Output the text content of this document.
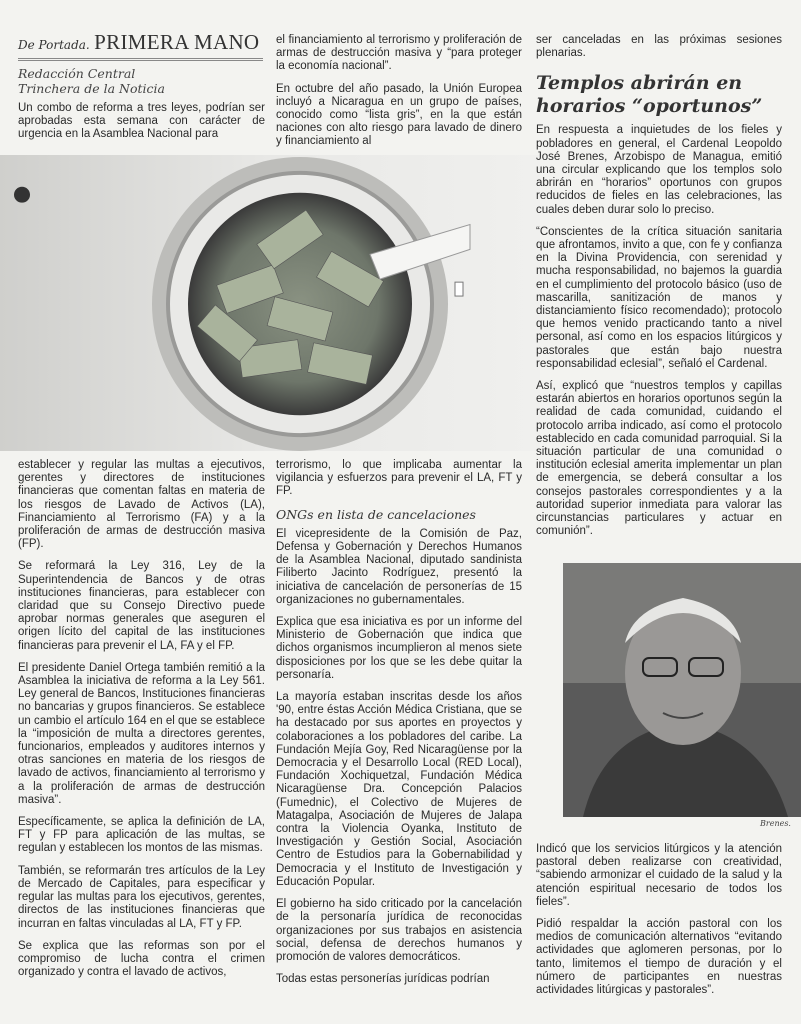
De Portada. PRIMERA MANO
Redacción Central
Trinchera de la Noticia

Un combo de reforma a tres leyes, podrían ser aprobadas esta semana con carácter de urgencia en la Asamblea Nacional para

el financiamiento al terrorismo y proliferación de armas de destrucción masiva y “para proteger la economía nacional”.

En octubre del año pasado, la Unión Europea incluyó a Nicaragua en un grupo de países, conocido como “lista gris”, en la que están naciones con alto riesgo para lavado de dinero y financiamiento al

establecer y regular las multas a ejecutivos, gerentes y directores de instituciones financieras que comentan faltas en materia de los riesgos de Lavado de Activos (LA), Financiamiento al Terrorismo (FA) y a la proliferación de armas de destrucción masiva (FP).

Se reformará la Ley 316, Ley de la Superintendencia de Bancos y de otras instituciones financieras, para establecer con claridad que su Consejo Directivo puede aprobar normas generales que aseguren el origen lícito del capital de las instituciones financieras para prevenir el LA, FA y el FP.

El presidente Daniel Ortega también remitió a la Asamblea la iniciativa de reforma a la Ley 561. Ley general de Bancos, Instituciones financieras no bancarias y grupos financieros. Se establece un cambio el artículo 164 en el que se establece la “imposición de multa a directores gerentes, funcionarios, empleados y auditores internos y otras sanciones en materia de los riesgos de lavado de activos, financiamiento al terrorismo y a la proliferación de armas de destrucción masiva”.

Específicamente, se aplica la definición de LA, FT y FP para aplicación de las multas, se regulan y establecen los montos de las mismas.

También, se reformarán tres artículos de la Ley de Mercado de Capitales, para especificar y regular las multas para los ejecutivos, gerentes, directos de las instituciones financieras que incurran en faltas vinculadas al LA, FT y FP.

Se explica que las reformas son por el compromiso de lucha contra el crimen organizado y contra el lavado de activos,

terrorismo, lo que implicaba aumentar la vigilancia y esfuerzos para prevenir el LA, FT y FP.

ONGs en lista de cancelaciones

El vicepresidente de la Comisión de Paz, Defensa y Gobernación y Derechos Humanos de la Asamblea Nacional, diputado sandinista Filiberto Jacinto Rodríguez, presentó la iniciativa de cancelación de personerías de 15 organizaciones no gubernamentales.

Explica que esa iniciativa es por un informe del Ministerio de Gobernación que indica que dichos organismos incumplieron al menos siete disposiciones por los que se les debe quitar la personaría.

La mayoría estaban inscritas desde los años '90, entre éstas Acción Médica Cristiana, que se ha destacado por sus aportes en proyectos y colaboraciones a los pobladores del caribe. La Fundación Mejía Goy, Red Nicaragüense por la Democracia y el Desarrollo Local (RED Local), Fundación Xochiquetzal, Fundación Médica Nicaragüense Dra. Concepción Palacios (Fumednic), el Colectivo de Mujeres de Matagalpa, Asociación de Mujeres de Jalapa contra la Violencia Oyanka, Instituto de Investigación y Gestión Social, Asociación Centro de Estudios para la Gobernabilidad y Democracia y el Instituto de Investigación y Educación Popular.

El gobierno ha sido criticado por la cancelación de la personaría jurídica de reconocidas organizaciones por sus trabajos en asistencia social, defensa de derechos humanos y promoción de valores democráticos.

Todas estas personerías jurídicas podrían

ser canceladas en las próximas sesiones plenarias.

Templos abrirán en horarios “oportunos”

En respuesta a inquietudes de los fieles y pobladores en general, el Cardenal Leopoldo José Brenes, Arzobispo de Managua, emitió una circular explicando que los templos solo abrirán en “horarios” oportunos con grupos reducidos de fieles en las celebraciones, las cuales deben durar solo lo preciso.

“Conscientes de la crítica situación sanitaria que afrontamos, invito a que, con fe y confianza en la Divina Providencia, con serenidad y mucha responsabilidad, no bajemos la guardia en el cumplimiento del protocolo básico (uso de mascarilla, sanitización de manos y distanciamiento físico recomendado); protocolo que hemos venido practicando tanto a nivel personal, así como en los espacios litúrgicos y pastorales que están bajo nuestra responsabilidad eclesial”, señaló el Cardenal.

Así, explicó que “nuestros templos y capillas estarán abiertos en horarios oportunos según la realidad de cada comunidad, cuidando el protocolo arriba indicado, así como el protocolo establecido en cada comunidad parroquial. Si la situación particular de una comunidad o institución eclesial amerita implementar un plan de emergencia, se deberá consultar a los consejos pastorales correspondientes y a la autoridad superior inmediata para valorar las circunstancias particulares y actuar en comunión”.

Brenes.

Indicó que los servicios litúrgicos y la atención pastoral deben realizarse con creatividad, “sabiendo armonizar el cuidado de la salud y la atención espiritual necesario de todos los fieles”.

Pidió respaldar la acción pastoral con los medios de comunicación alternativos “evitando actividades que aglomeren personas, por lo tanto, limitemos el tiempo de duración y el número de participantes en nuestras actividades litúrgicas y pastorales”.
